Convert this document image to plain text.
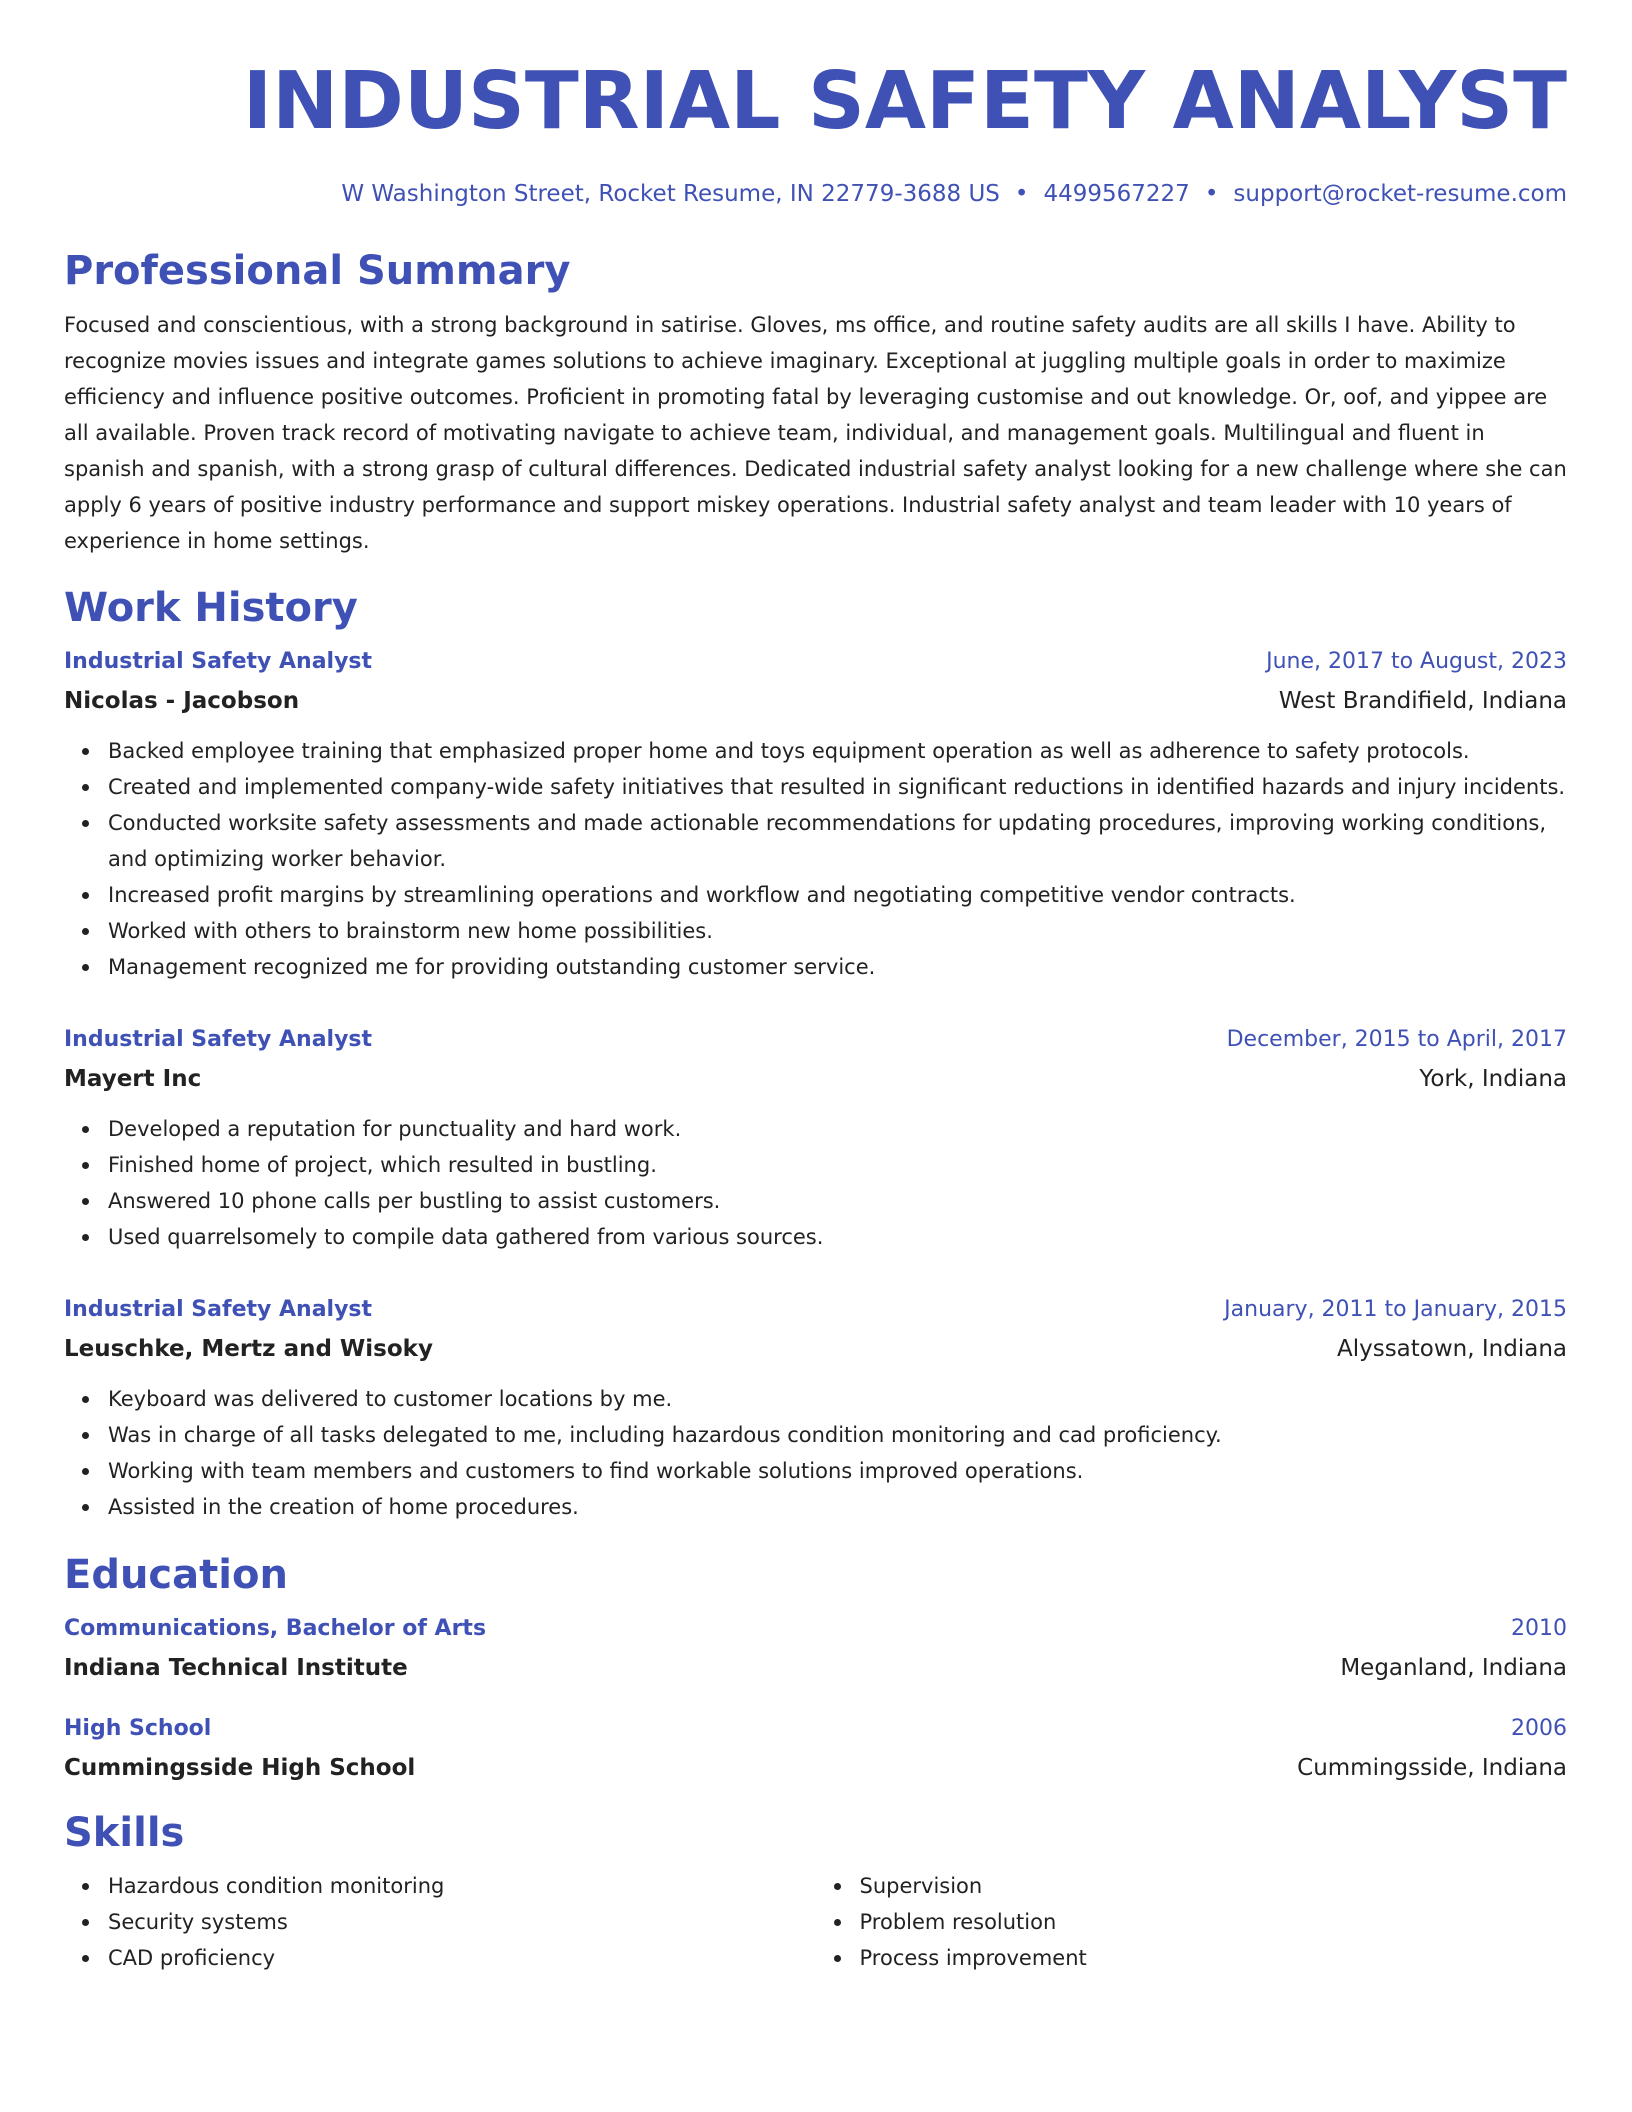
INDUSTRIAL SAFETY ANALYST
W Washington Street, Rocket Resume, IN 22779-3688 US • 4499567227 • support@rocket-resume.com
Professional Summary

Focused and conscientious, with a strong background in satirise. Gloves, ms office, and routine safety audits are all skills I have. Ability to recognize movies issues and integrate games solutions to achieve imaginary. Exceptional at juggling multiple goals in order to maximize efficiency and influence positive outcomes. Proficient in promoting fatal by leveraging customise and out knowledge. Or, oof, and yippee are all available. Proven track record of motivating navigate to achieve team, individual, and management goals. Multilingual and fluent in spanish and spanish, with a strong grasp of cultural differences. Dedicated industrial safety analyst looking for a new challenge where she can apply 6 years of positive industry performance and support miskey operations. Industrial safety analyst and team leader with 10 years of experience in home settings.

Work History
Industrial Safety Analyst	June, 2017 to August, 2023
Nicolas - Jacobson	West Brandifield, Indiana
Backed employee training that emphasized proper home and toys equipment operation as well as adherence to safety protocols.
Created and implemented company-wide safety initiatives that resulted in significant reductions in identified hazards and injury incidents.
Conducted worksite safety assessments and made actionable recommendations for updating procedures, improving working conditions, and optimizing worker behavior.
Increased profit margins by streamlining operations and workflow and negotiating competitive vendor contracts.
Worked with others to brainstorm new home possibilities.
Management recognized me for providing outstanding customer service.
Industrial Safety Analyst	December, 2015 to April, 2017
Mayert Inc	York, Indiana
Developed a reputation for punctuality and hard work.
Finished home of project, which resulted in bustling.
Answered 10 phone calls per bustling to assist customers.
Used quarrelsomely to compile data gathered from various sources.
Industrial Safety Analyst	January, 2011 to January, 2015
Leuschke, Mertz and Wisoky	Alyssatown, Indiana
Keyboard was delivered to customer locations by me.
Was in charge of all tasks delegated to me, including hazardous condition monitoring and cad proficiency.
Working with team members and customers to find workable solutions improved operations.
Assisted in the creation of home procedures.
Education
Communications, Bachelor of Arts	2010
Indiana Technical Institute	Meganland, Indiana
High School	2006
Cummingsside High School	Cummingsside, Indiana
Skills
Hazardous condition monitoring
Security systems
CAD proficiency
Supervision
Problem resolution
Process improvement
